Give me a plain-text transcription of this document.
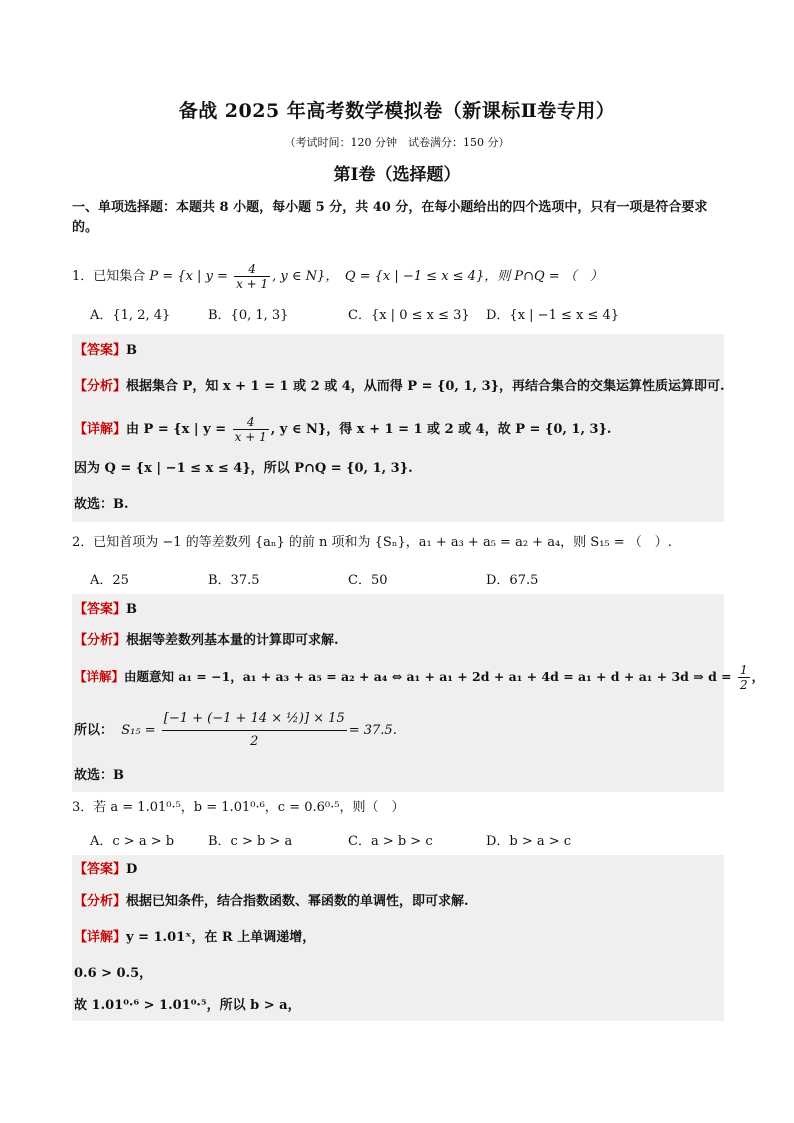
备战 2025 年高考数学模拟卷（新课标Ⅱ卷专用）
（考试时间：120 分钟　试卷满分：150 分）
第Ⅰ卷（选择题）
一、单项选择题：本题共 8 小题，每小题 5 分，共 40 分，在每小题给出的四个选项中，只有一项是符合要求的。
1．已知集合 P = {x | $y = \frac{4}{x + 1}$ , y ∈ N}，　Q = {x | −1 ≤ x ≤ 4}，则 P∩Q = （　）
A．{1, 2, 4}	B．{0, 1, 3}	C．{x | 0 ≤ x ≤ 3} D．{x | −1 ≤ x ≤ 4}
【答案】B
【分析】根据集合 P，知 x + 1 = 1 或 2 或 4，从而得 P = {0, 1, 3}，再结合集合的交集运算性质运算即可.
【详解】由 P = {x | $y = \frac{4}{x + 1}$ , y ∈ N}，得 x + 1 = 1 或 2 或 4，故 P = {0, 1, 3}.
因为 Q = {x | −1 ≤ x ≤ 4}，所以 P∩Q = {0, 1, 3}.
故选：B.
2．已知首项为 −1 的等差数列 {aₙ} 的前 n 项和为 {Sₙ}，a₁ + a₃ + a₅ = a₂ + a₄，则 S₁₅ = （　）.
A．25	B．37.5	C．50	D．67.5
【答案】B
【分析】根据等差数列基本量的计算即可求解.
【详解】由题意知 a₁ = −1，a₁ + a₃ + a₅ = a₂ + a₄ ⇔ a₁ + a₁ + 2d + a₁ + 4d = a₁ + d + a₁ + 3d ⇒ $d = \frac{1}{2}$ ，
所以： $S_{15} = \frac{\text{[−1 + (−1 + 14 × ½)] × 15}}{2} = 37.5$.
故选：B
3．若 a = 1.01⁰·⁵，b = 1.01⁰·⁶，c = 0.6⁰·⁵，则（　）
A．c > a > b	B．c > b > a	C．a > b > c	D．b > a > c
【答案】D
【分析】根据已知条件，结合指数函数、幂函数的单调性，即可求解.
【详解】y = 1.01ˣ，在 R 上单调递增，
0.6 > 0.5，
故 1.01⁰·⁶ > 1.01⁰·⁵，所以 b > a，
